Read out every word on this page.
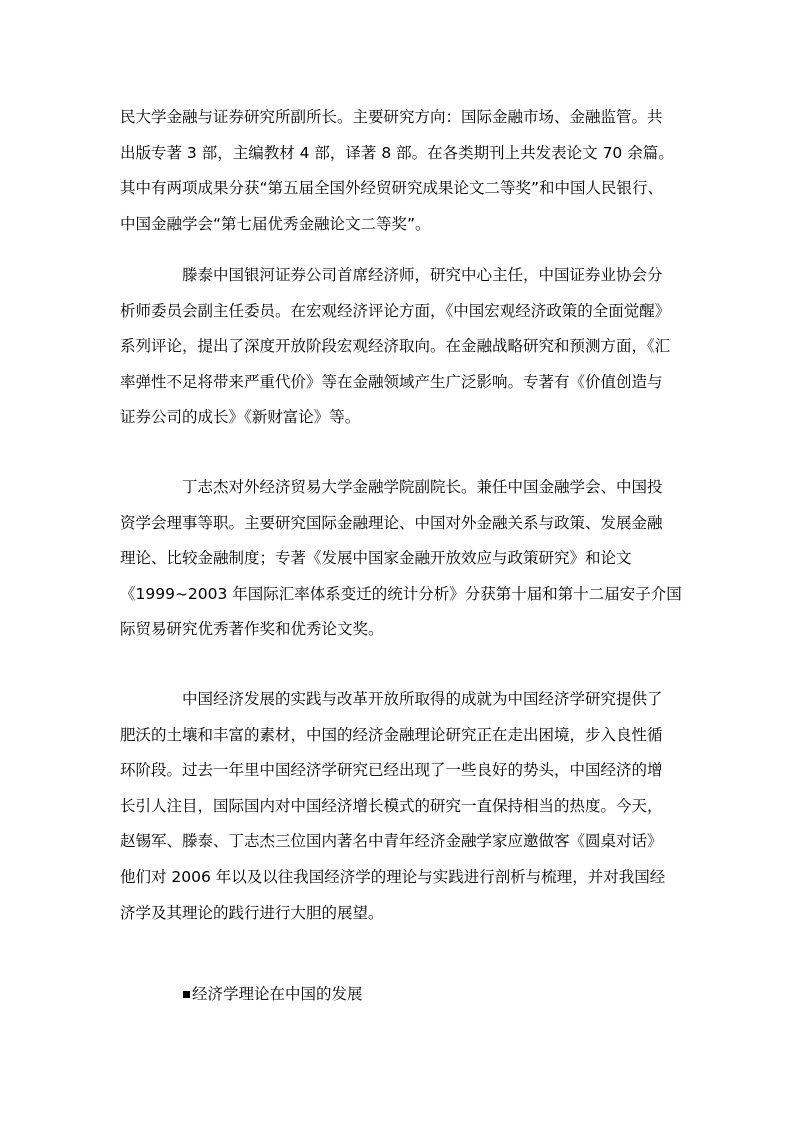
民大学金融与证券研究所副所长。主要研究方向：国际金融市场、金融监管。共
出版专著 3 部，主编教材 4 部，译著 8 部。在各类期刊上共发表论文 70 余篇。
其中有两项成果分获“第五届全国外经贸研究成果论文二等奖”和中国人民银行、
中国金融学会“第七届优秀金融论文二等奖”。
滕泰中国银河证券公司首席经济师，研究中心主任，中国证券业协会分
析师委员会副主任委员。在宏观经济评论方面，《中国宏观经济政策的全面觉醒》
系列评论，提出了深度开放阶段宏观经济取向。在金融战略研究和预测方面，《汇
率弹性不足将带来严重代价》等在金融领域产生广泛影响。专著有《价值创造与
证券公司的成长》《新财富论》等。
丁志杰对外经济贸易大学金融学院副院长。兼任中国金融学会、中国投
资学会理事等职。主要研究国际金融理论、中国对外金融关系与政策、发展金融
理论、比较金融制度；专著《发展中国家金融开放效应与政策研究》和论文
《1999~2003 年国际汇率体系变迁的统计分析》分获第十届和第十二届安子介国
际贸易研究优秀著作奖和优秀论文奖。
中国经济发展的实践与改革开放所取得的成就为中国经济学研究提供了
肥沃的土壤和丰富的素材，中国的经济金融理论研究正在走出困境，步入良性循
环阶段。过去一年里中国经济学研究已经出现了一些良好的势头，中国经济的增
长引人注目，国际国内对中国经济增长模式的研究一直保持相当的热度。今天，
赵锡军、滕泰、丁志杰三位国内著名中青年经济金融学家应邀做客《圆桌对话》
他们对 2006 年以及以往我国经济学的理论与实践进行剖析与梳理，并对我国经
济学及其理论的践行进行大胆的展望。
经济学理论在中国的发展
